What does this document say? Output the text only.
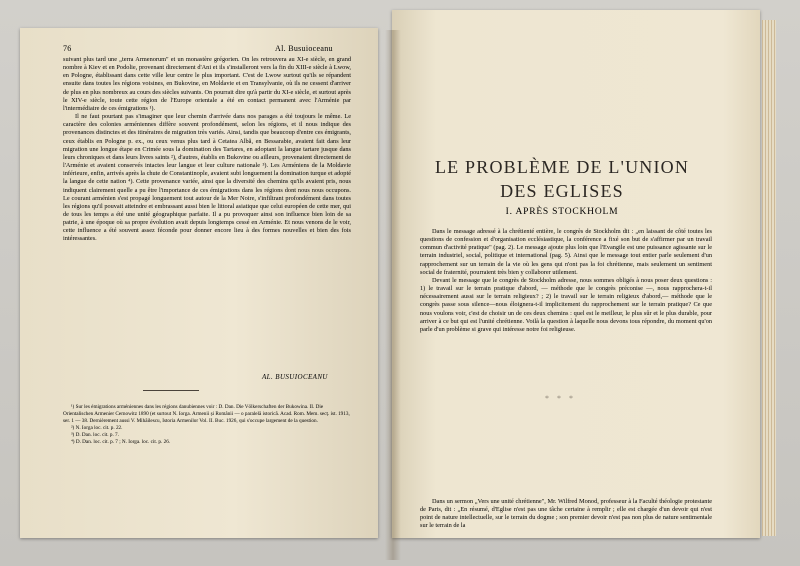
76	Al. Busuioceanu

suivant plus tard une „terra Armenorum" et un monastère grégorien. On les retrouvera au XI-e siècle, en grand nombre à Kiev et en Podolie, provenant directement d'Ani et ils s'installeront vers la fin du XIII-e siècle à Lwow, en Pologne, établissant dans cette ville leur centre le plus important. C'est de Lwow surtout qu'ils se répandent ensuite dans toutes les régions voisines, en Bukovine, en Moldavie et en Transylvanie, où ils ne cessent d'arriver de plus en plus nombreux au cours des siècles suivants. On pourrait dire qu'à partir du XI-e siècle, et surtout après le XIV-e siècle, toute cette région de l'Europe orientale a été en contact permanent avec l'Arménie par l'intermédiaire de ces émigrations ¹).

Il ne faut pourtant pas s'imaginer que leur chemin d'arrivée dans nos parages a été toujours le même. Le caractère des colonies arméniennes diffère souvent profondément, selon les régions, et il nous indique des provenances distinctes et des itinéraires de migration très variés. Ainsi, tandis que beaucoup d'entre ces émigrants, ceux établis en Pologne p. ex., ou ceux venus plus tard à Cetatea Albă, en Bessarabie, avaient fait dans leur migration une longue étape en Crimée sous la domination des Tartares, en adoptant la langue tartare jusque dans leurs chroniques et dans leurs livres saints ²), d'autres, établis en Bukovine ou ailleurs, provenaient directement de l'Arménie et avaient conservés intactes leur langue et leur culture nationale ³). Les Arméniens de la Moldavie inférieure, enfin, arrivés après la chute de Constantinople, avaient subi longuement la domination turque et adopté la langue de cette nation ⁴). Cette provenance variée, ainsi que la diversité des chemins qu'ils avaient pris, nous indiquent clairement quelle a pu être l'importance de ces émigrations dans les régions dont nous nous occupons. Le courant arménien s'est propagé longuement tout autour de la Mer Noire, s'infiltrant profondément dans toutes les régions qu'il pouvait atteindre et embrassant aussi bien le littoral asiatique que celui européen de cette mer, qui de tous les temps a été une unité géographique parfaite. Il a pu provoquer ainsi son influence bien loin de sa patrie, à une époque où sa propre évolution avait depuis longtemps cessé en Arménie. Et nous venons de le voir, cette influence a été souvent assez féconde pour donner encore lieu à des formes nouvelles et bien des fois intéressantes.

AL. BUSUIOCEANU
¹) Sur les émigrations arméniennes dans les régions danubiennes voir : D. Dan. Die Völkerschaften der Bukowina. II. Die Orientalischen Armenier Cernowitz 1890 (et surtout N. Iorga. Armenii și Românii — o paralelă istorică. Acad. Rom. Mem. secț. ist. 1913, ser. 1 — 38. Dernièrement aussi V. Mihăilescu, Istoria Armenilor Vol. II. Buc. 1926, qui s'occupe largement de la question.
²) N. Iorga loc. cit. p. 22.
³) D. Dan. loc. cit. p. 7.
⁴) D. Dan. loc. cit. p. 7 ; N. Iorga. loc. cit. p. 26.
LE PROBLÈME DE L'UNION
DES EGLISES
I. APRÈS STOCKHOLM

Dans le message adressé à la chrétienté entière, le congrès de Stockholm dit : „en laissant de côté toutes les questions de confession et d'organisation ecclésiastique, la conférence a fixé son but de s'affirmer par un travail commun d'activité pratique" (pag. 2). Le message ajoute plus loin que l'Evangile est une puissance agissante sur le terrain industriel, social, politique et international (pag. 5). Ainsi que le message tout entier parle seulement d'un rapprochement sur un terrain de la vie où les gens qui n'ont pas la foi chrétienne, mais seulement un sentiment social de fraternité, pourraient très bien y collaborer utilement.

Devant le message que le congrès de Stockholm adresse, nous sommes obligés à nous poser deux questions : 1) le travail sur le terrain pratique d'abord, — méthode que le congrès préconise —, nous rapprochera-t-il nécessairement aussi sur le terrain religieux? ; 2) le travail sur le terrain religieux d'abord,— méthode que le congrès passe sous silence—nous éloignera-t-il implicitement du rapprochement sur le terrain pratique? Ce que nous voulons voir, c'est de choisir un de ces deux chemins : quel est le meilleur, le plus sûr et le plus durable, pour arriver à ce but qui est l'unité chrétienne. Voilà la question à laquelle nous devons tous répondre, du moment qu'on parle d'un problème si grave qui intéresse notre foi religieuse.

* * *

Dans un sermon „Vers une unité chrétienne", Mr. Wilfred Monod, professeur à la Faculté théologie protestante de Paris, dit : „En résumé, d'Eglise n'est pas une tâche certaine à remplir ; elle est chargée d'un devoir qui n'est point de nature intellectuelle, sur le terrain du dogme ; son premier devoir n'est pas non plus de nature sentimentale sur le terrain de la
